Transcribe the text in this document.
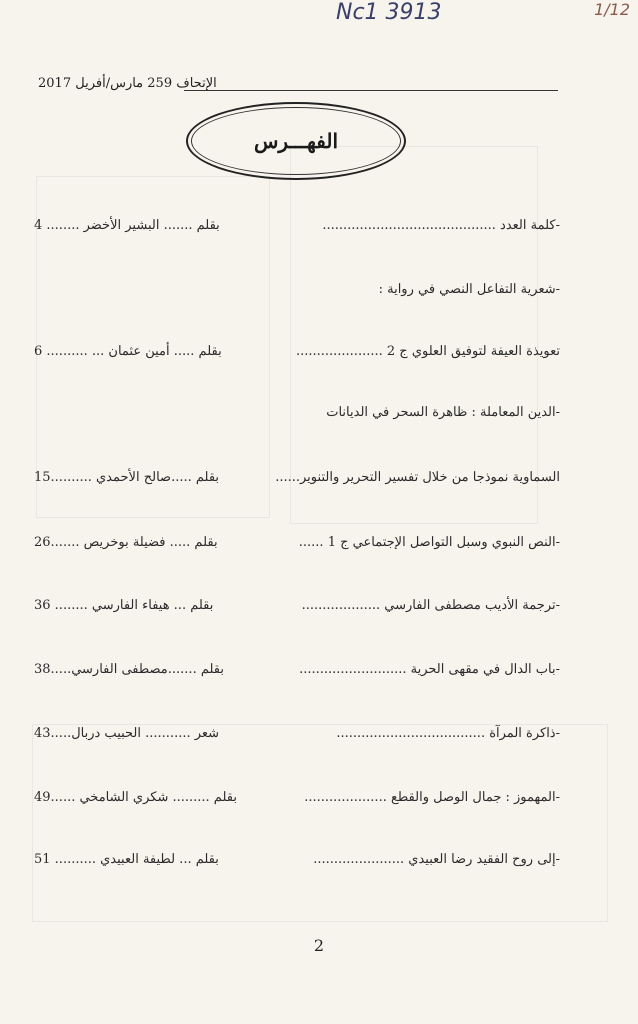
Nc1 3913	1/12
الإتحاف 259 مارس/أفريل 2017
الفهـــرس
-كلمة العدد ..........................................
بقلم ....... البشير الأخضر ........ 4
-شعرية التفاعل النصي في رواية :
تعويذة العيفة لتوفيق العلوي ج 2 .....................
بقلم ..... أمين عثمان ... .......... 6
-الدين المعاملة : ظاهرة السحر في الديانات
السماوية نموذجا من خلال تفسير التحرير والتنوير......
بقلم .....صالح الأحمدي ..........15
-النص النبوي وسبل التواصل الإجتماعي ج 1 ......
بقلم ..... فضيلة بوخريص .......26
-ترجمة الأديب مصطفى الفارسي ...................
بقلم ... هيفاء الفارسي ........ 36
-باب الدال في مقهى الحرية ..........................
بقلم .......مصطفى الفارسي.....38
-ذاكرة المرآة ....................................
شعر ........... الحبيب دربال.....43
-المهموز : جمال الوصل والقطع ....................
بقلم ......... شكري الشامخي ......49
-إلى روح الفقيد رضا العبيدي ......................
بقلم ... لطيفة العبيدي .......... 51
2
